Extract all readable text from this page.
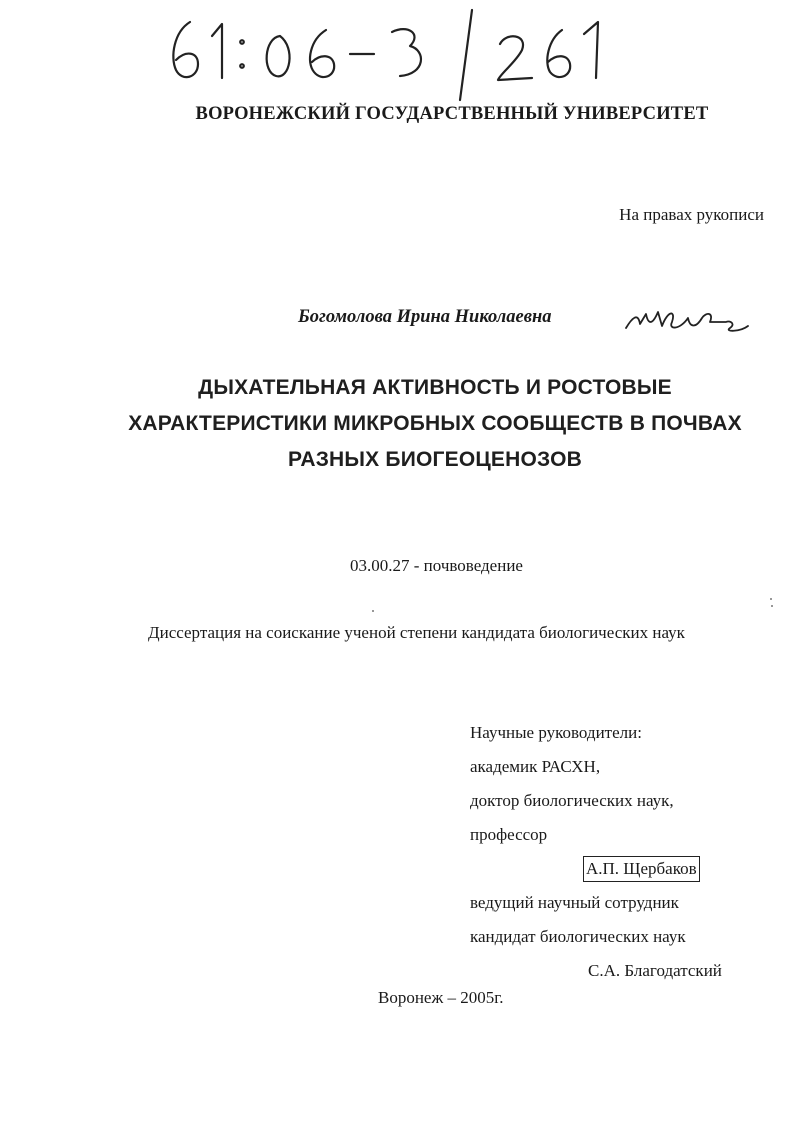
ВОРОНЕЖСКИЙ ГОСУДАРСТВЕННЫЙ УНИВЕРСИТЕТ
На правах рукописи
Богомолова Ирина Николаевна
ДЫХАТЕЛЬНАЯ АКТИВНОСТЬ И РОСТОВЫЕ
ХАРАКТЕРИСТИКИ МИКРОБНЫХ СООБЩЕСТВ В ПОЧВАХ
РАЗНЫХ БИОГЕОЦЕНОЗОВ
03.00.27 - почвоведение
Диссертация на соискание ученой степени кандидата биологических наук
Научные руководители:
академик РАСХН,
доктор биологических наук,
профессор
А.П. Щербаков
ведущий научный сотрудник
кандидат биологических наук
С.А. Благодатский
Воронеж – 2005г.
